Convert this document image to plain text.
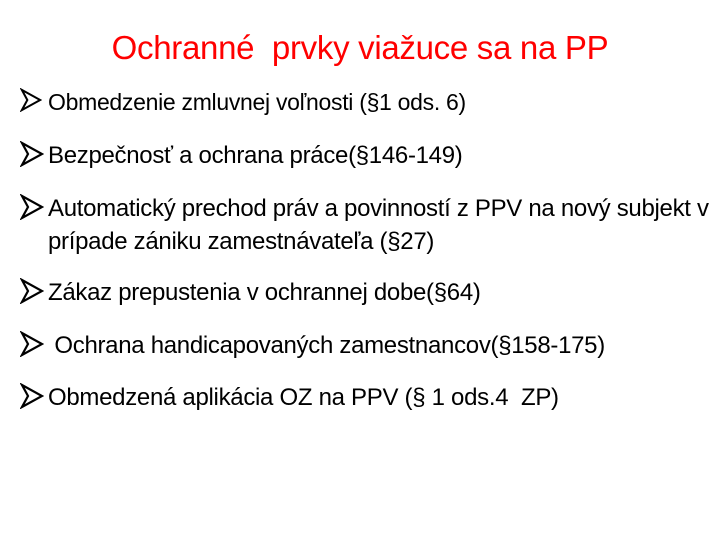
Ochranné  prvky viažuce sa na PP
Obmedzenie zmluvnej voľnosti (§1 ods. 6)
Bezpečnosť a ochrana práce(§146-149)
Automatický prechod práv a povinností z PPV na nový subjekt v prípade zániku zamestnávateľa (§27)
Zákaz prepustenia v ochrannej dobe(§64)
Ochrana handicapovaných zamestnancov(§158-175)
Obmedzená aplikácia OZ na PPV (§ 1 ods.4  ZP)
